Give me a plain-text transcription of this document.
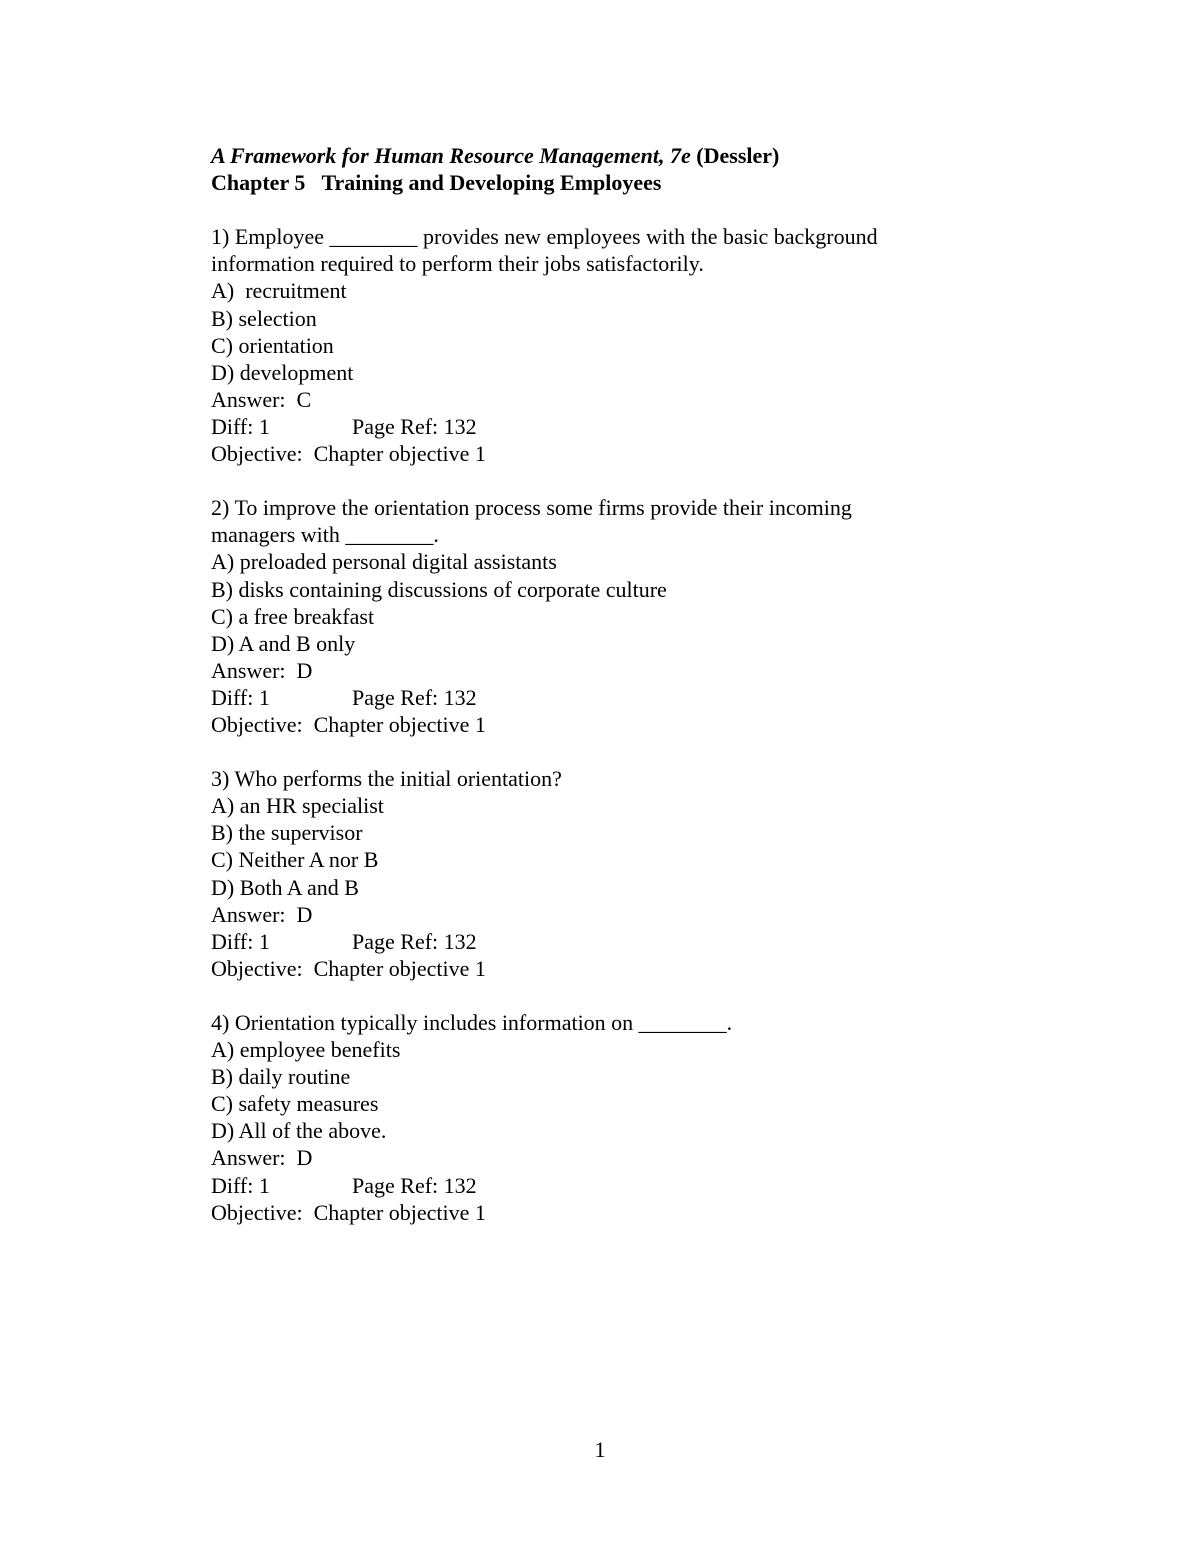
A Framework for Human Resource Management, 7e (Dessler)
Chapter 5 Training and Developing Employees
1) Employee ________ provides new employees with the basic background
information required to perform their jobs satisfactorily.
A)  recruitment
B) selection
C) orientation
D) development
Answer:  C
Diff: 1	Page Ref: 132
Objective:  Chapter objective 1
2) To improve the orientation process some firms provide their incoming
managers with ________.
A) preloaded personal digital assistants
B) disks containing discussions of corporate culture
C) a free breakfast
D) A and B only
Answer:  D
Diff: 1	Page Ref: 132
Objective:  Chapter objective 1
3) Who performs the initial orientation?
A) an HR specialist
B) the supervisor
C) Neither A nor B
D) Both A and B
Answer:  D
Diff: 1	Page Ref: 132
Objective:  Chapter objective 1
4) Orientation typically includes information on ________.
A) employee benefits
B) daily routine
C) safety measures
D) All of the above.
Answer:  D
Diff: 1	Page Ref: 132
Objective:  Chapter objective 1
1
